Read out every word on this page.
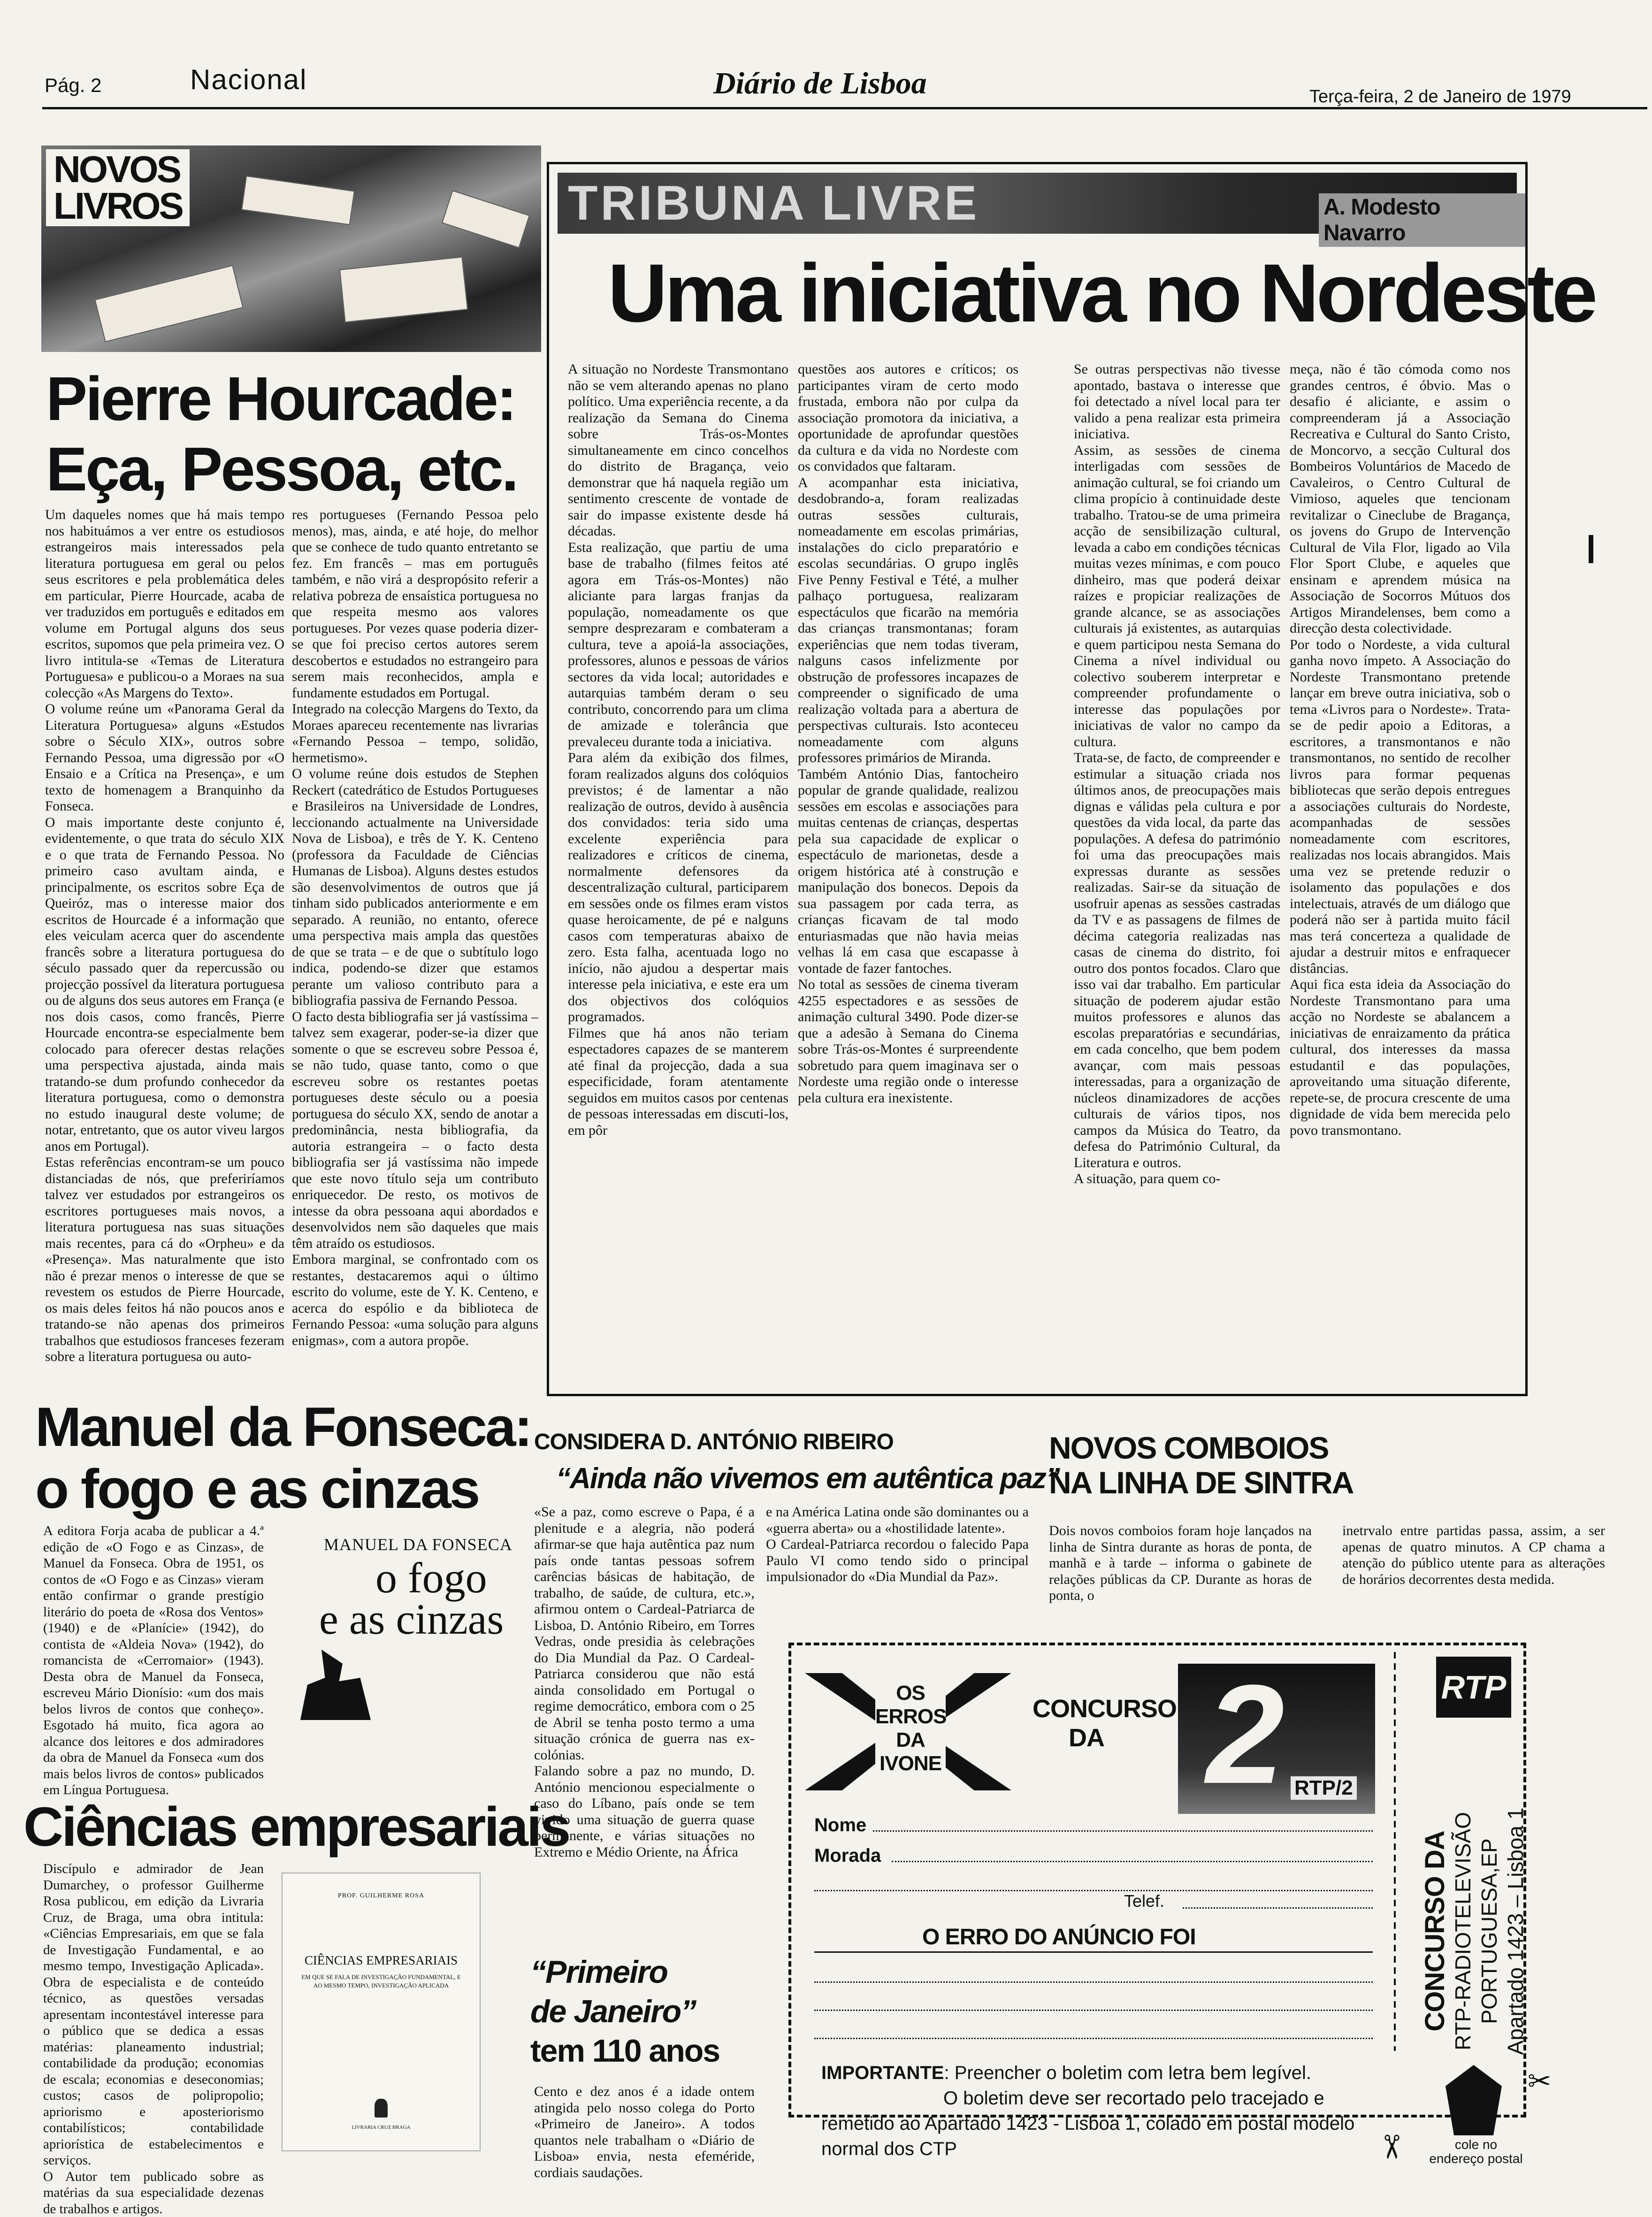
Pág. 2	Nacional	Diário de Lisboa	Terça-feira, 2 de Janeiro de 1979
NOVOS
LIVROS
Pierre Hourcade:
Eça, Pessoa, etc.
Um daqueles nomes que há mais tempo nos habituámos a ver entre os estudiosos estrangeiros mais interessados pela literatura portuguesa em geral ou pelos seus escritores e pela problemática deles em particular, Pierre Hourcade, acaba de ver traduzidos em português e editados em volume em Portugal alguns dos seus escritos, supomos que pela primeira vez. O livro intitula-se «Temas de Literatura Portuguesa» e publicou-o a Moraes na sua colecção «As Margens do Texto».
O volume reúne um «Panorama Geral da Literatura Portuguesa» alguns «Estudos sobre o Século XIX», outros sobre Fernando Pessoa, uma digressão por «O Ensaio e a Crítica na Presença», e um texto de homenagem a Branquinho da Fonseca.
O mais importante deste conjunto é, evidentemente, o que trata do século XIX e o que trata de Fernando Pessoa. No primeiro caso avultam ainda, e principalmente, os escritos sobre Eça de Queiróz, mas o interesse maior dos escritos de Hourcade é a informação que eles veiculam acerca quer do ascendente francês sobre a literatura portuguesa do século passado quer da repercussão ou projecção possível da literatura portuguesa ou de alguns dos seus autores em França (e nos dois casos, como francês, Pierre Hourcade encontra-se especialmente bem colocado para oferecer destas relações uma perspectiva ajustada, ainda mais tratando-se dum profundo conhecedor da literatura portuguesa, como o demonstra no estudo inaugural deste volume; de notar, entretanto, que os autor viveu largos anos em Portugal).
Estas referências encontram-se um pouco distanciadas de nós, que preferiríamos talvez ver estudados por estrangeiros os escritores portugueses mais novos, a literatura portuguesa nas suas situações mais recentes, para cá do «Orpheu» e da «Presença». Mas naturalmente que isto não é prezar menos o interesse de que se revestem os estudos de Pierre Hourcade, os mais deles feitos há não poucos anos e tratando-se não apenas dos primeiros trabalhos que estudiosos franceses fezeram sobre a literatura portuguesa ou auto-
res portugueses (Fernando Pessoa pelo menos), mas, ainda, e até hoje, do melhor que se conhece de tudo quanto entretanto se fez. Em francês – mas em português também, e não virá a despropósito referir a relativa pobreza de ensaística portuguesa no que respeita mesmo aos valores portugueses. Por vezes quase poderia dizer-se que foi preciso certos autores serem descobertos e estudados no estrangeiro para serem mais reconhecidos, ampla e fundamente estudados em Portugal.
Integrado na colecção Margens do Texto, da Moraes apareceu recentemente nas livrarias «Fernando Pessoa – tempo, solidão, hermetismo».
O volume reúne dois estudos de Stephen Reckert (catedrático de Estudos Portugueses e Brasileiros na Universidade de Londres, leccionando actualmente na Universidade Nova de Lisboa), e três de Y. K. Centeno (professora da Faculdade de Ciências Humanas de Lisboa). Alguns destes estudos são desenvolvimentos de outros que já tinham sido publicados anteriormente e em separado. A reunião, no entanto, oferece uma perspectiva mais ampla das questões de que se trata – e de que o subtítulo logo indica, podendo-se dizer que estamos perante um valioso contributo para a bibliografia passiva de Fernando Pessoa.
O facto desta bibliografia ser já vastíssima – talvez sem exagerar, poder-se-ia dizer que somente o que se escreveu sobre Pessoa é, se não tudo, quase tanto, como o que escreveu sobre os restantes poetas portugueses deste século ou a poesia portuguesa do século XX, sendo de anotar a predominância, nesta bibliografia, da autoria estrangeira – o facto desta bibliografia ser já vastíssima não impede que este novo título seja um contributo enriquecedor. De resto, os motivos de intesse da obra pessoana aqui abordados e desenvolvidos nem são daqueles que mais têm atraído os estudiosos.
Embora marginal, se confrontado com os restantes, destacaremos aqui o último escrito do volume, este de Y. K. Centeno, e acerca do espólio e da biblioteca de Fernando Pessoa: «uma solução para alguns enigmas», com a autora propõe.
TRIBUNA LIVRE	A. Modesto Navarro
Uma iniciativa no Nordeste
A situação no Nordeste Transmontano não se vem alterando apenas no plano político. Uma experiência recente, a da realização da Semana do Cinema sobre Trás-os-Montes simultaneamente em cinco concelhos do distrito de Bragança, veio demonstrar que há naquela região um sentimento crescente de vontade de sair do impasse existente desde há décadas.
Esta realização, que partiu de uma base de trabalho (filmes feitos até agora em Trás-os-Montes) não aliciante para largas franjas da população, nomeadamente os que sempre desprezaram e combateram a cultura, teve a apoiá-la associações, professores, alunos e pessoas de vários sectores da vida local; autoridades e autarquias também deram o seu contributo, concorrendo para um clima de amizade e tolerância que prevaleceu durante toda a iniciativa.
Para além da exibição dos filmes, foram realizados alguns dos colóquios previstos; é de lamentar a não realização de outros, devido à ausência dos convidados: teria sido uma excelente experiência para realizadores e críticos de cinema, normalmente defensores da descentralização cultural, participarem em sessões onde os filmes eram vistos quase heroicamente, de pé e nalguns casos com temperaturas abaixo de zero. Esta falha, acentuada logo no início, não ajudou a despertar mais interesse pela iniciativa, e este era um dos objectivos dos colóquios programados.
Filmes que há anos não teriam espectadores capazes de se manterem até final da projecção, dada a sua especificidade, foram atentamente seguidos em muitos casos por centenas de pessoas interessadas em discuti-los, em pôr
questões aos autores e críticos; os participantes viram de certo modo frustada, embora não por culpa da associação promotora da iniciativa, a oportunidade de aprofundar questões da cultura e da vida no Nordeste com os convidados que faltaram.
A acompanhar esta iniciativa, desdobrando-a, foram realizadas outras sessões culturais, nomeadamente em escolas primárias, instalações do ciclo preparatório e escolas secundárias. O grupo inglês Five Penny Festival e Tété, a mulher palhaço portuguesa, realizaram espectáculos que ficarão na memória das crianças transmontanas; foram experiências que nem todas tiveram, nalguns casos infelizmente por obstrução de professores incapazes de compreender o significado de uma realização voltada para a abertura de perspectivas culturais. Isto aconteceu nomeadamente com alguns professores primários de Miranda.
Também António Dias, fantocheiro popular de grande qualidade, realizou sessões em escolas e associações para muitas centenas de crianças, despertas pela sua capacidade de explicar o espectáculo de marionetas, desde a origem histórica até à construção e manipulação dos bonecos. Depois da sua passagem por cada terra, as crianças ficavam de tal modo enturiasmadas que não havia meias velhas lá em casa que escapasse à vontade de fazer fantoches.
No total as sessões de cinema tiveram 4255 espectadores e as sessões de animação cultural 3490. Pode dizer-se que a adesão à Semana do Cinema sobre Trás-os-Montes é surpreendente sobretudo para quem imaginava ser o Nordeste uma região onde o interesse pela cultura era inexistente.
Se outras perspectivas não tivesse apontado, bastava o interesse que foi detectado a nível local para ter valido a pena realizar esta primeira iniciativa.
Assim, as sessões de cinema interligadas com sessões de animação cultural, se foi criando um clima propício à continuidade deste trabalho. Tratou-se de uma primeira acção de sensibilização cultural, levada a cabo em condições técnicas muitas vezes mínimas, e com pouco dinheiro, mas que poderá deixar raízes e propiciar realizações de grande alcance, se as associações culturais já existentes, as autarquias e quem participou nesta Semana do Cinema a nível individual ou colectivo souberem interpretar e compreender profundamente o interesse das populações por iniciativas de valor no campo da cultura.
Trata-se, de facto, de compreender e estimular a situação criada nos últimos anos, de preocupações mais dignas e válidas pela cultura e por questões da vida local, da parte das populações. A defesa do património foi uma das preocupações mais expressas durante as sessões realizadas. Sair-se da situação de usofruir apenas as sessões castradas da TV e as passagens de filmes de décima categoria realizadas nas casas de cinema do distrito, foi outro dos pontos focados. Claro que isso vai dar trabalho. Em particular situação de poderem ajudar estão muitos professores e alunos das escolas preparatórias e secundárias, em cada concelho, que bem podem avançar, com mais pessoas interessadas, para a organização de núcleos dinamizadores de acções culturais de vários tipos, nos campos da Música do Teatro, da defesa do Património Cultural, da Literatura e outros.
A situação, para quem co-
meça, não é tão cómoda como nos grandes centros, é óbvio. Mas o desafio é aliciante, e assim o compreenderam já a Associação Recreativa e Cultural do Santo Cristo, de Moncorvo, a secção Cultural dos Bombeiros Voluntários de Macedo de Cavaleiros, o Centro Cultural de Vimioso, aqueles que tencionam revitalizar o Cineclube de Bragança, os jovens do Grupo de Intervenção Cultural de Vila Flor, ligado ao Vila Flor Sport Clube, e aqueles que ensinam e aprendem música na Associação de Socorros Mútuos dos Artigos Mirandelenses, bem como a direcção desta colectividade.
Por todo o Nordeste, a vida cultural ganha novo ímpeto. A Associação do Nordeste Transmontano pretende lançar em breve outra iniciativa, sob o tema «Livros para o Nordeste». Trata-se de pedir apoio a Editoras, a escritores, a transmontanos e não transmontanos, no sentido de recolher livros para formar pequenas bibliotecas que serão depois entregues a associações culturais do Nordeste, acompanhadas de sessões nomeadamente com escritores, realizadas nos locais abrangidos. Mais uma vez se pretende reduzir o isolamento das populações e dos intelectuais, através de um diálogo que poderá não ser à partida muito fácil mas terá concerteza a qualidade de ajudar a destruir mitos e enfraquecer distâncias.
Aqui fica esta ideia da Associação do Nordeste Transmontano para uma acção no Nordeste se abalancem a iniciativas de enraizamento da prática cultural, dos interesses da massa estudantil e das populações, aproveitando uma situação diferente, repete-se, de procura crescente de uma dignidade de vida bem merecida pelo povo transmontano.
Manuel da Fonseca:
o fogo e as cinzas
A editora Forja acaba de publicar a 4.ª edição de «O Fogo e as Cinzas», de Manuel da Fonseca. Obra de 1951, os contos de «O Fogo e as Cinzas» vieram então confirmar o grande prestígio literário do poeta de «Rosa dos Ventos» (1940) e de «Planície» (1942), do contista de «Aldeia Nova» (1942), do romancista de «Cerromaior» (1943). Desta obra de Manuel da Fonseca, escreveu Mário Dionísio: «um dos mais belos livros de contos que conheço». Esgotado há muito, fica agora ao alcance dos leitores e dos admiradores da obra de Manuel da Fonseca «um dos mais belos livros de contos» publicados em Língua Portuguesa.
MANUEL DA FONSECA
o fogo
e as cinzas
Ciências empresariais
Discípulo e admirador de Jean Dumarchey, o professor Guilherme Rosa publicou, em edição da Livraria Cruz, de Braga, uma obra intitula: «Ciências Empresariais, em que se fala de Investigação Fundamental, e ao mesmo tempo, Investigação Aplicada». Obra de especialista e de conteúdo técnico, as questões versadas apresentam incontestável interesse para o público que se dedica a essas matérias: planeamento industrial; contabilidade da produção; economias de escala; economias e deseconomias; custos; casos de polipropolio; apriorismo e aposteriorismo contabilísticos; contabilidade apriorística de estabelecimentos e serviços.
O Autor tem publicado sobre as matérias da sua especialidade dezenas de trabalhos e artigos.
PROF. GUILHERME ROSA
CIÊNCIAS EMPRESARIAIS
EM QUE SE FALA DE INVESTIGAÇÃO FUNDAMENTAL, E AO MESMO TEMPO, INVESTIGAÇÃO APLICADA
LIVRARIA CRUZ BRAGA
CONSIDERA D. ANTÓNIO RIBEIRO
“Ainda não vivemos em autêntica paz”
«Se a paz, como escreve o Papa, é a plenitude e a alegria, não poderá afirmar-se que haja autêntica paz num país onde tantas pessoas sofrem carências básicas de habitação, de trabalho, de saúde, de cultura, etc.», afirmou ontem o Cardeal-Patriarca de Lisboa, D. António Ribeiro, em Torres Vedras, onde presidia às celebrações do Dia Mundial da Paz. O Cardeal-Patriarca considerou que não está ainda consolidado em Portugal o regime democrático, embora com o 25 de Abril se tenha posto termo a uma situação crónica de guerra nas ex-colónias.
Falando sobre a paz no mundo, D. António mencionou especialmente o caso do Líbano, país onde se tem vivido uma situação de guerra quase permanente, e várias situações no Extremo e Médio Oriente, na África
e na América Latina onde são dominantes ou a «guerra aberta» ou a «hostilidade latente».
O Cardeal-Patriarca recordou o falecido Papa Paulo VI como tendo sido o principal impulsionador do «Dia Mundial da Paz».
NOVOS COMBOIOS
NA LINHA DE SINTRA
Dois novos comboios foram hoje lançados na linha de Sintra durante as horas de ponta, de manhã e à tarde – informa o gabinete de relações públicas da CP. Durante as horas de ponta, o
inetrvalo entre partidas passa, assim, a ser apenas de quatro minutos. A CP chama a atenção do público utente para as alterações de horários decorrentes desta medida.
“Primeiro
de Janeiro”
tem 110 anos
Cento e dez anos é a idade ontem atingida pelo nosso colega do Porto «Primeiro de Janeiro». A todos quantos nele trabalham o «Diário de Lisboa» envia, nesta efeméride, cordiais saudações.
OS ERROS DA IVONE
CONCURSO
DA 2 RTP/2
Nome
Morada
Telef.
O ERRO DO ANÚNCIO FOI
RTP
CONCURSO DA RTP-RADIOTELEVISÃO PORTUGUESA,EP Apartado 1423 – Lisboa 1
IMPORTANTE: Preencher o boletim com letra bem legível.
O boletim deve ser recortado pelo tracejado e
remetido ao Apartado 1423 - Lisboa 1, colado em postal modelo
normal dos CTP	cole no
endereço postal
✂
✂
